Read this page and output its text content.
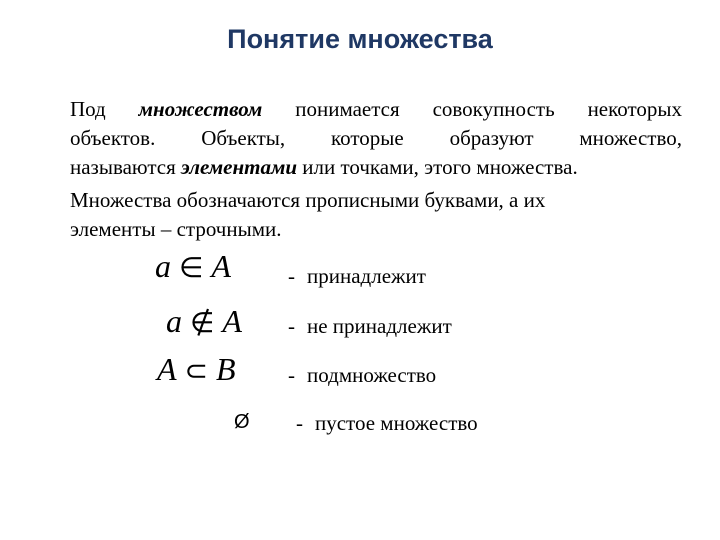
Понятие множества
Под множеством понимается совокупность некоторых
объектов. Объекты, которые образуют множество,
называются элементами или точками, этого множества.
Множества обозначаются прописными буквами, а их
элементы – строчными.
a ∈ A	- принадлежит
a ∉ A - не принадлежит
A ⊂ B - подмножество
Ø - пустое множество
